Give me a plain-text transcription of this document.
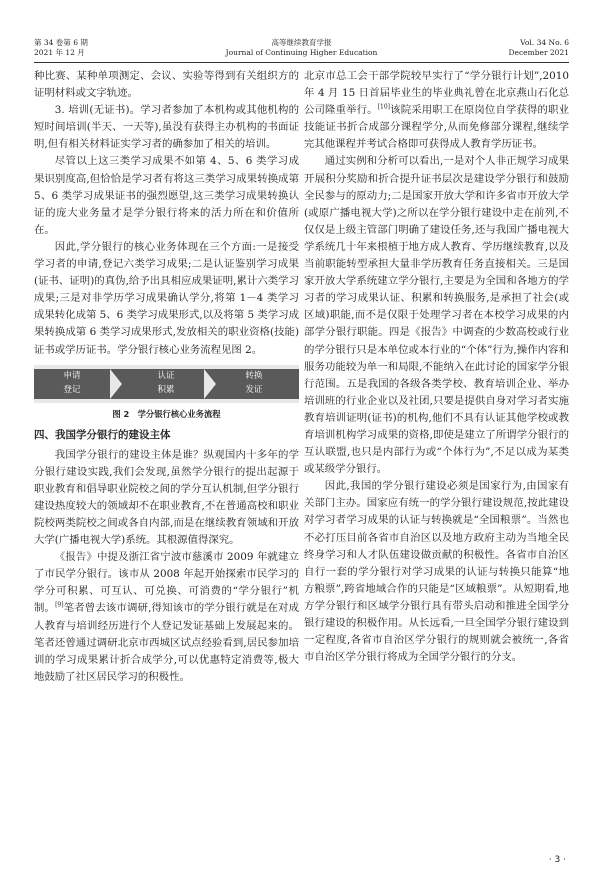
第 34 卷第 6 期
2021 年 12 月
高等继续教育学报
Journal of Continuing Higher Education
Vol. 34 No. 6
December 2021

种比赛、某种单项测定、会议、实验等得到有关组织方的证明材料或文字轨迹。

3. 培训(无证书)。学习者参加了本机构或其他机构的短时间培训(半天、一天等),虽没有获得主办机构的书面证明,但有相关材料证实学习者的确参加了相关的培训。

尽管以上这三类学习成果不如第 4、5、6 类学习成果识别度高,但恰恰是学习者有将这三类学习成果转换成第 5、6 类学习成果证书的强烈愿望,这三类学习成果转换认证的庞大业务量才是学分银行将来的活力所在和价值所在。

因此,学分银行的核心业务体现在三个方面:一是接受学习者的申请,登记六类学习成果;二是认证鉴别学习成果(证书、证明)的真伪,给予出具相应成果证明,累计六类学习成果;三是对非学历学习成果确认学分,将第 1－4 类学习成果转化成第 5、6 类学习成果形式,以及将第 5 类学习成果转换成第 6 类学习成果形式,发放相关的职业资格(技能)证书或学历证书。学分银行核心业务流程见图 2。

申请
登记
认证
积累
转换
发证
图 2　学分银行核心业务流程
四、我国学分银行的建设主体

我国学分银行的建设主体是谁？纵观国内十多年的学分银行建设实践,我们会发现,虽然学分银行的提出起源于职业教育和倡导职业院校之间的学分互认机制,但学分银行建设热度较大的领域却不在职业教育,不在普通高校和职业院校两类院校之间或各自内部,而是在继续教育领域和开放大学(广播电视大学)系统。其根源值得深究。

《报告》中提及浙江省宁波市慈溪市 2009 年就建立了市民学分银行。该市从 2008 年起开始探索市民学习的学分可积累、可互认、可兑换、可消费的“学分银行”机制。[9]笔者曾去该市调研,得知该市的学分银行就是在对成人教育与培训经历进行个人登记发证基础上发展起来的。笔者还曾通过调研北京市西城区试点经验看到,居民参加培训的学习成果累计折合成学分,可以优惠特定消费等,极大地鼓励了社区居民学习的积极性。

北京市总工会干部学院较早实行了“学分银行计划”,2010 年 4 月 15 日首届毕业生的毕业典礼曾在北京燕山石化总公司隆重举行。[10]该院采用职工在原岗位自学获得的职业技能证书折合成部分课程学分,从而免修部分课程,继续学完其他课程并考试合格即可获得成人教育学历证书。

通过实例和分析可以看出,一是对个人非正规学习成果开展积分奖励和折合提升证书层次是建设学分银行和鼓励全民参与的原动力;二是国家开放大学和许多省市开放大学(或原广播电视大学)之所以在学分银行建设中走在前列,不仅仅是上级主管部门明确了建设任务,还与我国广播电视大学系统几十年来根植于地方成人教育、学历继续教育,以及当前职能转型承担大量非学历教育任务直接相关。三是国家开放大学系统建立学分银行,主要是为全国和各地方的学习者的学习成果认证、积累和转换服务,是承担了社会(或区域)职能,而不是仅限于处理学习者在本校学习成果的内部学分银行职能。四是《报告》中调查的少数高校或行业的学分银行只是本单位或本行业的“个体”行为,操作内容和服务功能较为单一和局限,不能纳入在此讨论的国家学分银行范围。五是我国的各级各类学校、教育培训企业、举办培训班的行业企业以及社团,只要是提供自身对学习者实施教育培训证明(证书)的机构,他们不具有认证其他学校或教育培训机构学习成果的资格,即使是建立了所谓学分银行的互认联盟,也只是内部行为或“个体行为”,不足以成为某类或某级学分银行。

因此,我国的学分银行建设必须是国家行为,由国家有关部门主办。国家应有统一的学分银行建设规范,按此建设对学习者学习成果的认证与转换就是“全国粮票”。当然也不必打压目前各省市自治区以及地方政府主动为当地全民终身学习和人才队伍建设做贡献的积极性。各省市自治区自行一套的学分银行对学习成果的认证与转换只能算“地方粮票”,跨省地域合作的只能是“区域粮票”。从短期看,地方学分银行和区域学分银行具有带头启动和推进全国学分银行建设的积极作用。从长远看,一旦全国学分银行建设到一定程度,各省市自治区学分银行的规则就会被统一,各省市自治区学分银行将成为全国学分银行的分支。

· 3 ·
